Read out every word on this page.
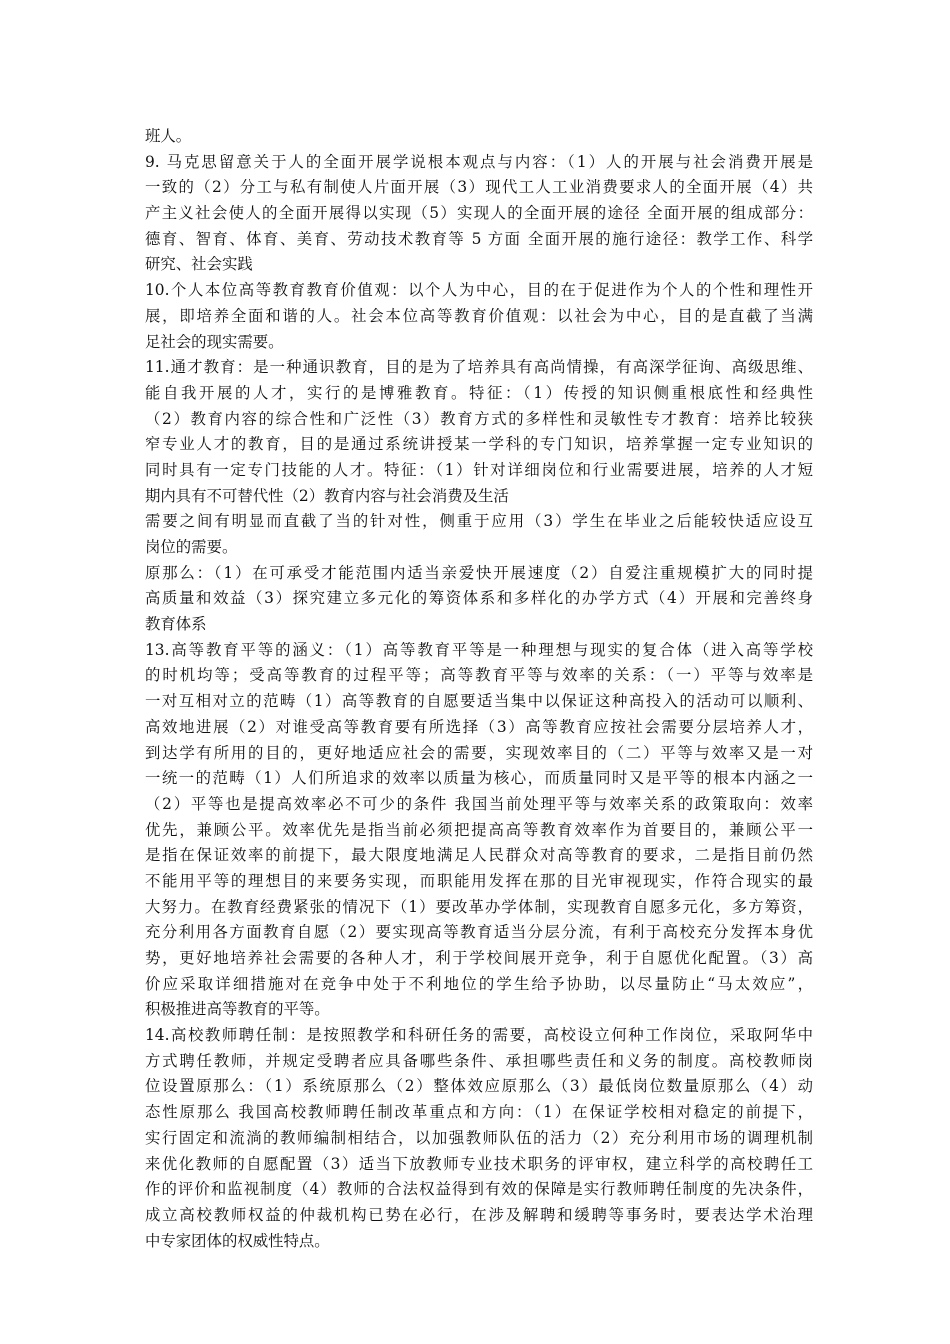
班人。
9. 马克思留意关于人的全面开展学说根本观点与内容：（1）人的开展与社会消费开展是
一致的（2）分工与私有制使人片面开展（3）现代工人工业消费要求人的全面开展（4）共
产主义社会使人的全面开展得以实现（5）实现人的全面开展的途径 全面开展的组成部分：
德育、智育、体育、美育、劳动技术教育等 5 方面 全面开展的施行途径：教学工作、科学
研究、社会实践
10.个人本位高等教育教育价值观：以个人为中心，目的在于促进作为个人的个性和理性开
展，即培养全面和谐的人。社会本位高等教育价值观：以社会为中心，目的是直截了当满
足社会的现实需要。
11.通才教育：是一种通识教育，目的是为了培养具有高尚情操，有高深学征询、高级思维、
能自我开展的人才，实行的是博雅教育。特征：（1）传授的知识侧重根底性和经典性
（2）教育内容的综合性和广泛性（3）教育方式的多样性和灵敏性专才教育：培养比较狭
窄专业人才的教育，目的是通过系统讲授某一学科的专门知识，培养掌握一定专业知识的
同时具有一定专门技能的人才。特征：（1）针对详细岗位和行业需要进展，培养的人才短
期内具有不可替代性（2）教育内容与社会消费及生活
需要之间有明显而直截了当的针对性，侧重于应用（3）学生在毕业之后能较快适应设互
岗位的需要。
原那么：（1）在可承受才能范围内适当亲爱快开展速度（2）自爱注重规模扩大的同时提
高质量和效益（3）探究建立多元化的筹资体系和多样化的办学方式（4）开展和完善终身
教育体系
13.高等教育平等的涵义：（1）高等教育平等是一种理想与现实的复合体（进入高等学校
的时机均等；受高等教育的过程平等；高等教育平等与效率的关系：（一）平等与效率是
一对互相对立的范畴（1）高等教育的自愿要适当集中以保证这种高投入的活动可以顺利、
高效地进展（2）对谁受高等教育要有所选择（3）高等教育应按社会需要分层培养人才，
到达学有所用的目的，更好地适应社会的需要，实现效率目的（二）平等与效率又是一对
一统一的范畴（1）人们所追求的效率以质量为核心，而质量同时又是平等的根本内涵之一
（2）平等也是提高效率必不可少的条件 我国当前处理平等与效率关系的政策取向：效率
优先，兼顾公平。效率优先是指当前必须把提高高等教育效率作为首要目的，兼顾公平一
是指在保证效率的前提下，最大限度地满足人民群众对高等教育的要求，二是指目前仍然
不能用平等的理想目的来要务实现，而职能用发挥在那的目光审视现实，作符合现实的最
大努力。在教育经费紧张的情况下（1）要改革办学体制，实现教育自愿多元化，多方筹资，
充分利用各方面教育自愿（2）要实现高等教育适当分层分流，有利于高校充分发挥本身优
势，更好地培养社会需要的各种人才，利于学校间展开竞争，利于自愿优化配置。（3）高
价应采取详细措施对在竞争中处于不利地位的学生给予协助，以尽量防止“马太效应”，
积极推进高等教育的平等。
14.高校教师聘任制：是按照教学和科研任务的需要，高校设立何种工作岗位，采取阿华中
方式聘任教师，并规定受聘者应具备哪些条件、承担哪些责任和义务的制度。高校教师岗
位设置原那么：（1）系统原那么（2）整体效应原那么（3）最低岗位数量原那么（4）动
态性原那么 我国高校教师聘任制改革重点和方向：（1）在保证学校相对稳定的前提下，
实行固定和流淌的教师编制相结合，以加强教师队伍的活力（2）充分利用市场的调理机制
来优化教师的自愿配置（3）适当下放教师专业技术职务的评审权，建立科学的高校聘任工
作的评价和监视制度（4）教师的合法权益得到有效的保障是实行教师聘任制度的先决条件，
成立高校教师权益的仲裁机构已势在必行，在涉及解聘和缓聘等事务时，要表达学术治理
中专家团体的权威性特点。
